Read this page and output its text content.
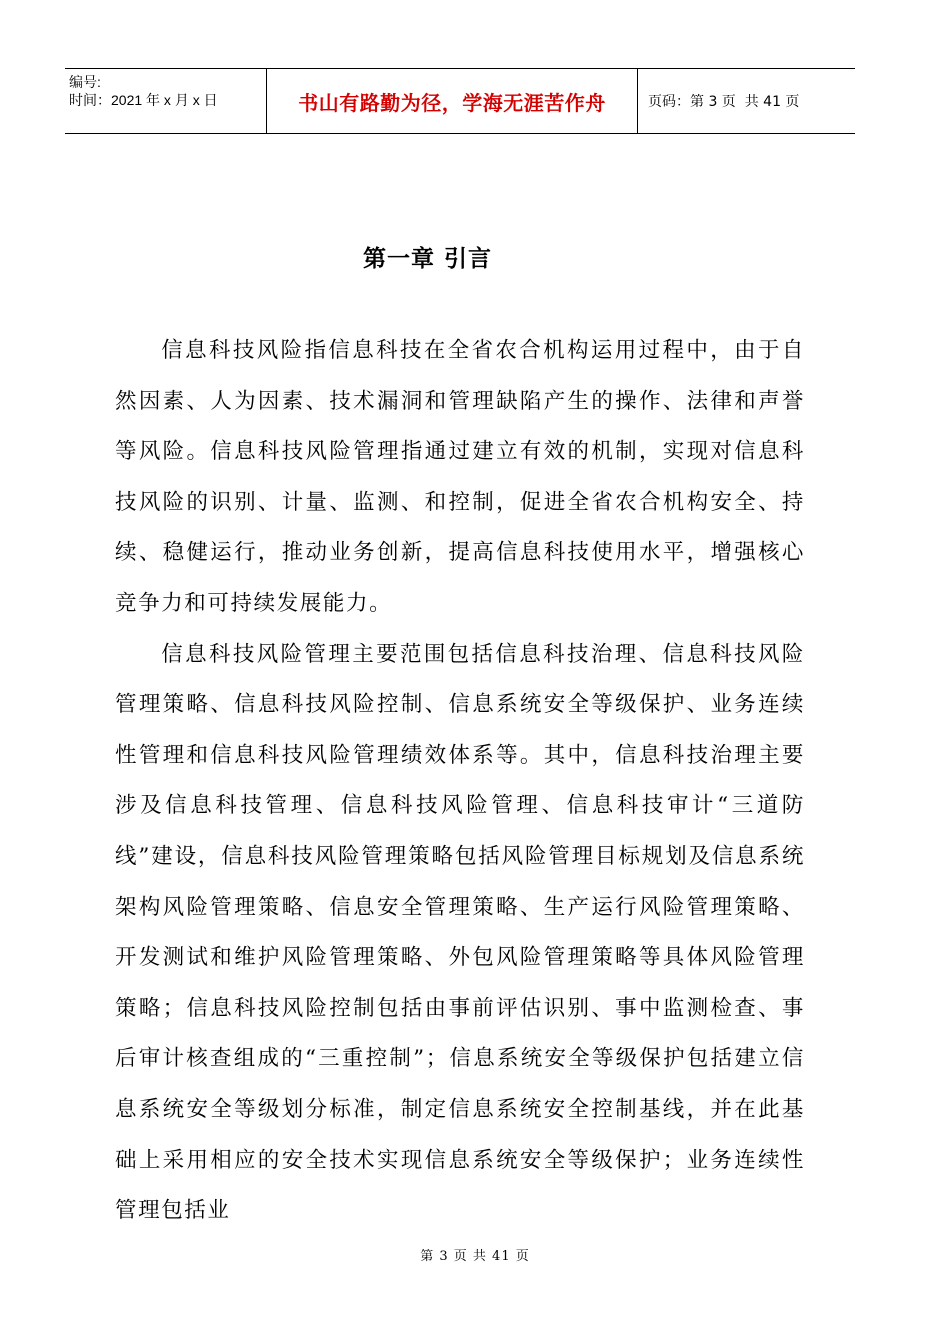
编号:
时间：2021 年 x 月 x 日	书山有路勤为径，学海无涯苦作舟	页码：第 3 页  共 41 页
第一章 引言

信息科技风险指信息科技在全省农合机构运用过程中，由于自然因素、人为因素、技术漏洞和管理缺陷产生的操作、法律和声誉等风险。信息科技风险管理指通过建立有效的机制，实现对信息科技风险的识别、计量、监测、和控制，促进全省农合机构安全、持续、稳健运行，推动业务创新，提高信息科技使用水平，增强核心竞争力和可持续发展能力。

信息科技风险管理主要范围包括信息科技治理、信息科技风险管理策略、信息科技风险控制、信息系统安全等级保护、业务连续性管理和信息科技风险管理绩效体系等。其中，信息科技治理主要涉及信息科技管理、信息科技风险管理、信息科技审计“三道防线”建设，信息科技风险管理策略包括风险管理目标规划及信息系统架构风险管理策略、信息安全管理策略、生产运行风险管理策略、开发测试和维护风险管理策略、外包风险管理策略等具体风险管理策略；信息科技风险控制包括由事前评估识别、事中监测检查、事后审计核查组成的“三重控制”；信息系统安全等级保护包括建立信息系统安全等级划分标准，制定信息系统安全控制基线，并在此基础上采用相应的安全技术实现信息系统安全等级保护；业务连续性管理包括业

第 3 页 共 41 页
